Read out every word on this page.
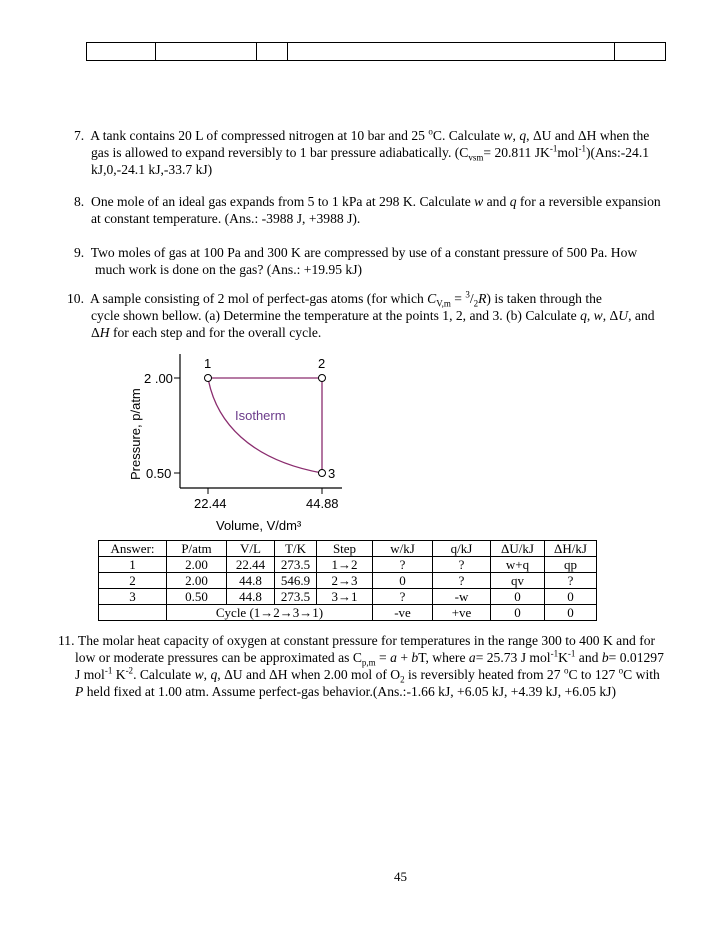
7. A tank contains 20 L of compressed nitrogen at 10 bar and 25 $^o$C. Calculate w, q, ΔU and ΔH when the
gas is allowed to expand reversibly to 1 bar pressure adiabatically. ($C_{vsm}= 20.811$ $JK^{-1}mol^{-1})(Ans:-24.1$
kJ,0,-24.1 kJ,-33.7 kJ)
8. One mole of an ideal gas expands from 5 to 1 kPa at 298 K. Calculate w and q for a reversible expansion
at constant temperature. (Ans.: -3988 J, +3988 J).
9. Two moles of gas at 100 Pa and 300 K are compressed by use of a constant pressure of 500 Pa. How
much work is done on the gas? (Ans.: +19.95 kJ)
10. A sample consisting of 2 mol of perfect-gas atoms (for which $C_{V,m} = ^3/_2R$) is taken through the
cycle shown bellow. (a) Determine the temperature at the points 1, 2, and 3. (b) Calculate q, w, ΔU, and
ΔH for each step and for the overall cycle.
1	2
3
Isotherm
2 .00
0.50
22.44	44.88
Volume, V/dm³
Pressure, p/atm
Answer:	P/atm	V/L	T/K	Step	w/kJ	q/kJ	ΔU/kJ	ΔH/kJ
1	2.00	22.44	273.5	1→2	?	?	w+q	qp
2	2.00	44.8	546.9	2→3	0	?	qv	?
3	0.50	44.8	273.5	3→1	?	-w	0	0
	Cycle (1→2→3→1)				-ve	+ve	0	0
11. The molar heat capacity of oxygen at constant pressure for temperatures in the range 300 to 400 K and for
low or moderate pressures can be approximated as $C_{p,m} = a$ + bT, where a= 25.73 J $mol^{-1}K^{-1}$ and b= 0.01297
J mol$^{-1}$ $K^{-2}$. Calculate w, q, ΔU and ΔH when 2.00 mol of $O_2$ is reversibly heated from 27 $^o$C to 127 $^o$C with
P held fixed at 1.00 atm. Assume perfect-gas behavior.(Ans.:-1.66 kJ, +6.05 kJ, +4.39 kJ, +6.05 kJ)
45
